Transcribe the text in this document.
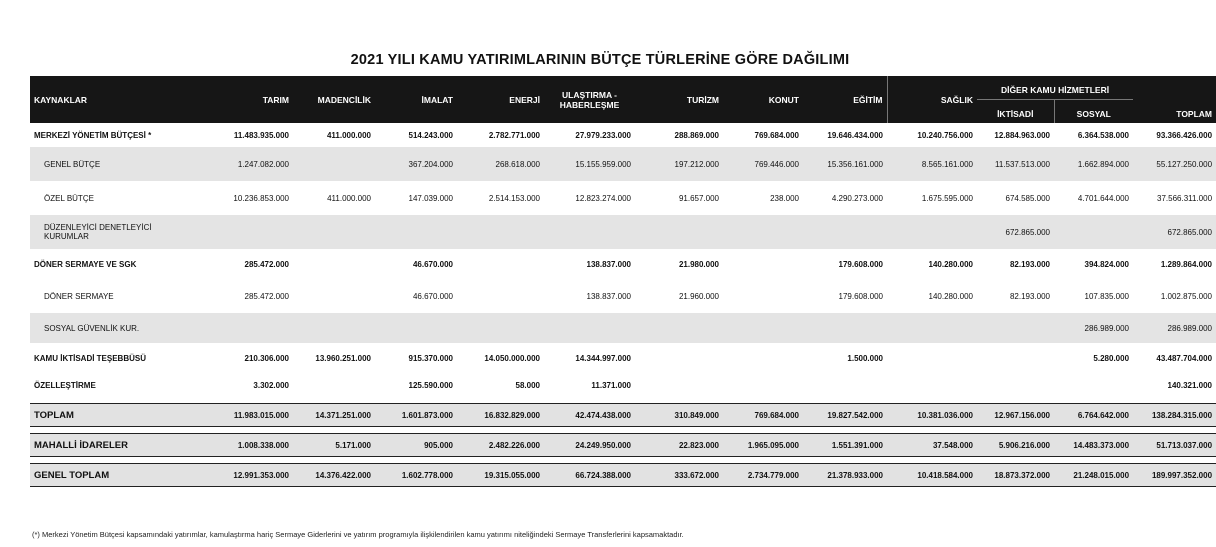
2021 YILI KAMU YATIRIMLARININ BÜTÇE TÜRLERİNE GÖRE DAĞILIMI
KAYNAKLAR	TARIM	MADENCİLİK	İMALAT	ENERJİ	ULAŞTIRMA - HABERLEŞME	TURİZM	KONUT	EĞİTİM	SAĞLIK	DİĞER KAMU HİZMETLERİ		TOPLAM
										İKTİSADİ	SOSYAL	
MERKEZİ YÖNETİM BÜTÇESİ *	11.483.935.000	411.000.000	514.243.000	2.782.771.000	27.979.233.000	288.869.000	769.684.000	19.646.434.000	10.240.756.000	12.884.963.000	6.364.538.000	93.366.426.000
GENEL BÜTÇE	1.247.082.000		367.204.000	268.618.000	15.155.959.000	197.212.000	769.446.000	15.356.161.000	8.565.161.000	11.537.513.000	1.662.894.000	55.127.250.000
ÖZEL BÜTÇE	10.236.853.000	411.000.000	147.039.000	2.514.153.000	12.823.274.000	91.657.000	238.000	4.290.273.000	1.675.595.000	674.585.000	4.701.644.000	37.566.311.000
DÜZENLEYİCİ DENETLEYİCİ KURUMLAR										672.865.000		672.865.000
DÖNER SERMAYE VE SGK	285.472.000		46.670.000		138.837.000	21.980.000		179.608.000	140.280.000	82.193.000	394.824.000	1.289.864.000
DÖNER SERMAYE	285.472.000		46.670.000		138.837.000	21.960.000		179.608.000	140.280.000	82.193.000	107.835.000	1.002.875.000
SOSYAL GÜVENLİK KUR.											286.989.000	286.989.000
KAMU İKTİSADİ TEŞEBBÜSÜ	210.306.000	13.960.251.000	915.370.000	14.050.000.000	14.344.997.000			1.500.000			5.280.000	43.487.704.000
ÖZELLEŞTİRME	3.302.000		125.590.000	58.000	11.371.000							140.321.000

TOPLAM	11.983.015.000	14.371.251.000	1.601.873.000	16.832.829.000	42.474.438.000	310.849.000	769.684.000	19.827.542.000	10.381.036.000	12.967.156.000	6.764.642.000	138.284.315.000

MAHALLİ İDARELER	1.008.338.000	5.171.000	905.000	2.482.226.000	24.249.950.000	22.823.000	1.965.095.000	1.551.391.000	37.548.000	5.906.216.000	14.483.373.000	51.713.037.000

GENEL TOPLAM	12.991.353.000	14.376.422.000	1.602.778.000	19.315.055.000	66.724.388.000	333.672.000	2.734.779.000	21.378.933.000	10.418.584.000	18.873.372.000	21.248.015.000	189.997.352.000
(*) Merkezi Yönetim Bütçesi kapsamındaki yatırımlar, kamulaştırma hariç Sermaye Giderlerini ve yatırım programıyla ilişkilendirilen kamu yatırımı niteliğindeki Sermaye Transferlerini kapsamaktadır.
